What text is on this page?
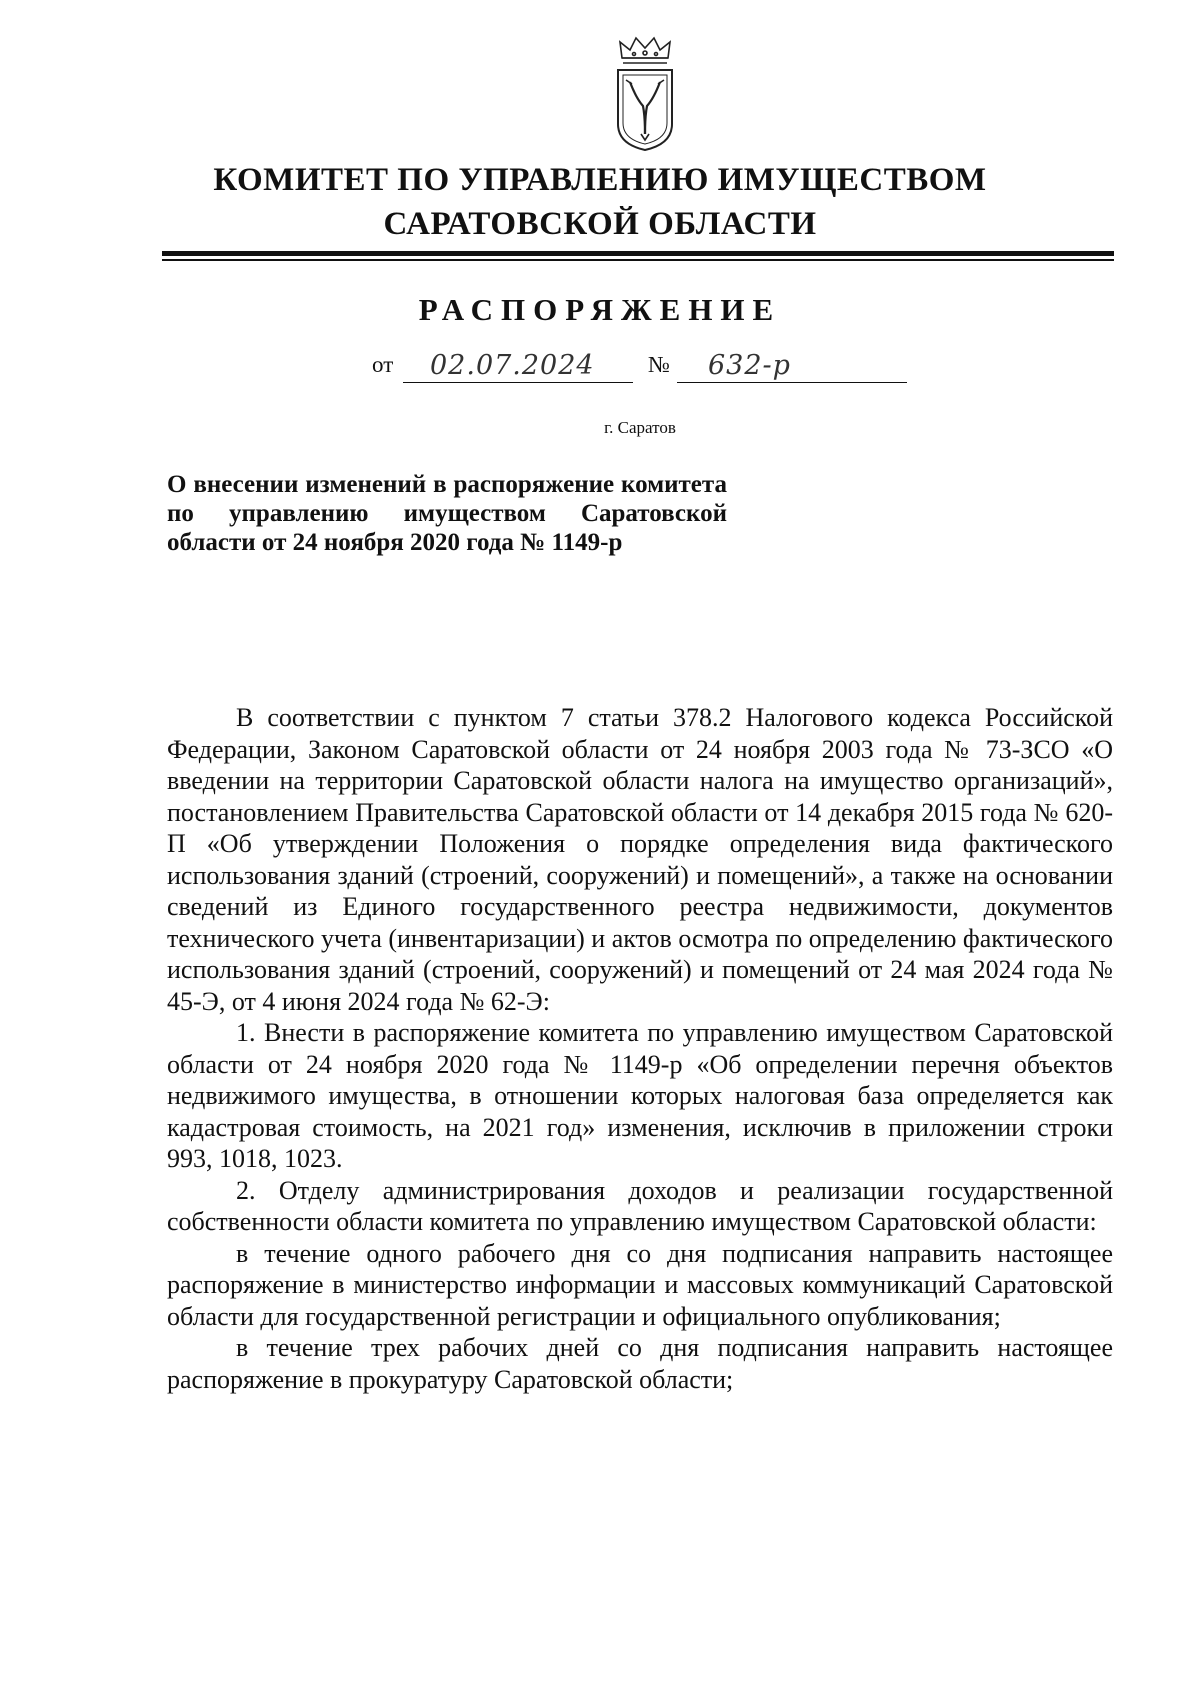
КОМИТЕТ ПО УПРАВЛЕНИЮ ИМУЩЕСТВОМ
САРАТОВСКОЙ ОБЛАСТИ
РАСПОРЯЖЕНИЕ
от 02.07.2024 № 632-р
г. Саратов
О внесении изменений в распоряжение комитета по управлению имуществом Саратовской области от 24 ноября 2020 года № 1149-р

В соответствии с пунктом 7 статьи 378.2 Налогового кодекса Российской Федерации, Законом Саратовской области от 24 ноября 2003 года № 73-ЗСО «О введении на территории Саратовской области налога на имущество организаций», постановлением Правительства Саратовской области от 14 декабря 2015 года № 620-П «Об утверждении Положения о порядке определения вида фактического использования зданий (строений, сооружений) и помещений», а также на основании сведений из Единого государственного реестра недвижимости, документов технического учета (инвентаризации) и актов осмотра по определению фактического использования зданий (строений, сооружений) и помещений от 24 мая 2024 года № 45-Э, от 4 июня 2024 года № 62-Э:

1. Внести в распоряжение комитета по управлению имуществом Саратовской области от 24 ноября 2020 года № 1149-р «Об определении перечня объектов недвижимого имущества, в отношении которых налоговая база определяется как кадастровая стоимость, на 2021 год» изменения, исключив в приложении строки 993, 1018, 1023.

2. Отделу администрирования доходов и реализации государственной собственности области комитета по управлению имуществом Саратовской области:

в течение одного рабочего дня со дня подписания направить настоящее распоряжение в министерство информации и массовых коммуникаций Саратовской области для государственной регистрации и официального опубликования;

в течение трех рабочих дней со дня подписания направить настоящее распоряжение в прокуратуру Саратовской области;
